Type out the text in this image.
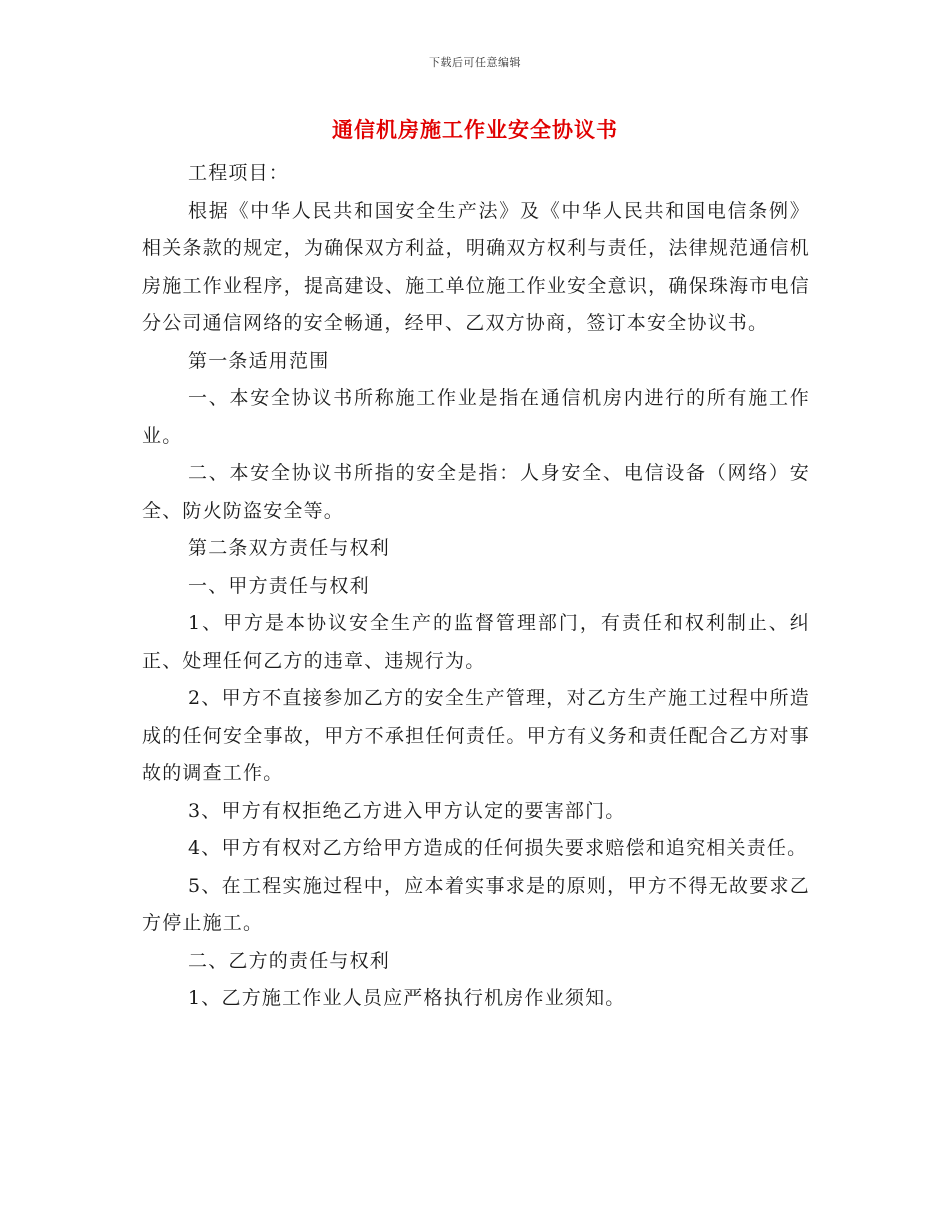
下载后可任意编辑
通信机房施工作业安全协议书

工程项目：

根据《中华人民共和国安全生产法》及《中华人民共和国电信条例》相关条款的规定，为确保双方利益，明确双方权利与责任，法律规范通信机房施工作业程序，提高建设、施工单位施工作业安全意识，确保珠海市电信分公司通信网络的安全畅通，经甲、乙双方协商，签订本安全协议书。

第一条适用范围

一、本安全协议书所称施工作业是指在通信机房内进行的所有施工作业。

二、本安全协议书所指的安全是指：人身安全、电信设备（网络）安全、防火防盗安全等。

第二条双方责任与权利

一、甲方责任与权利

1、甲方是本协议安全生产的监督管理部门，有责任和权利制止、纠正、处理任何乙方的违章、违规行为。

2、甲方不直接参加乙方的安全生产管理，对乙方生产施工过程中所造成的任何安全事故，甲方不承担任何责任。甲方有义务和责任配合乙方对事故的调查工作。

3、甲方有权拒绝乙方进入甲方认定的要害部门。

4、甲方有权对乙方给甲方造成的任何损失要求赔偿和追究相关责任。

5、在工程实施过程中，应本着实事求是的原则，甲方不得无故要求乙方停止施工。

二、乙方的责任与权利

1、乙方施工作业人员应严格执行机房作业须知。
